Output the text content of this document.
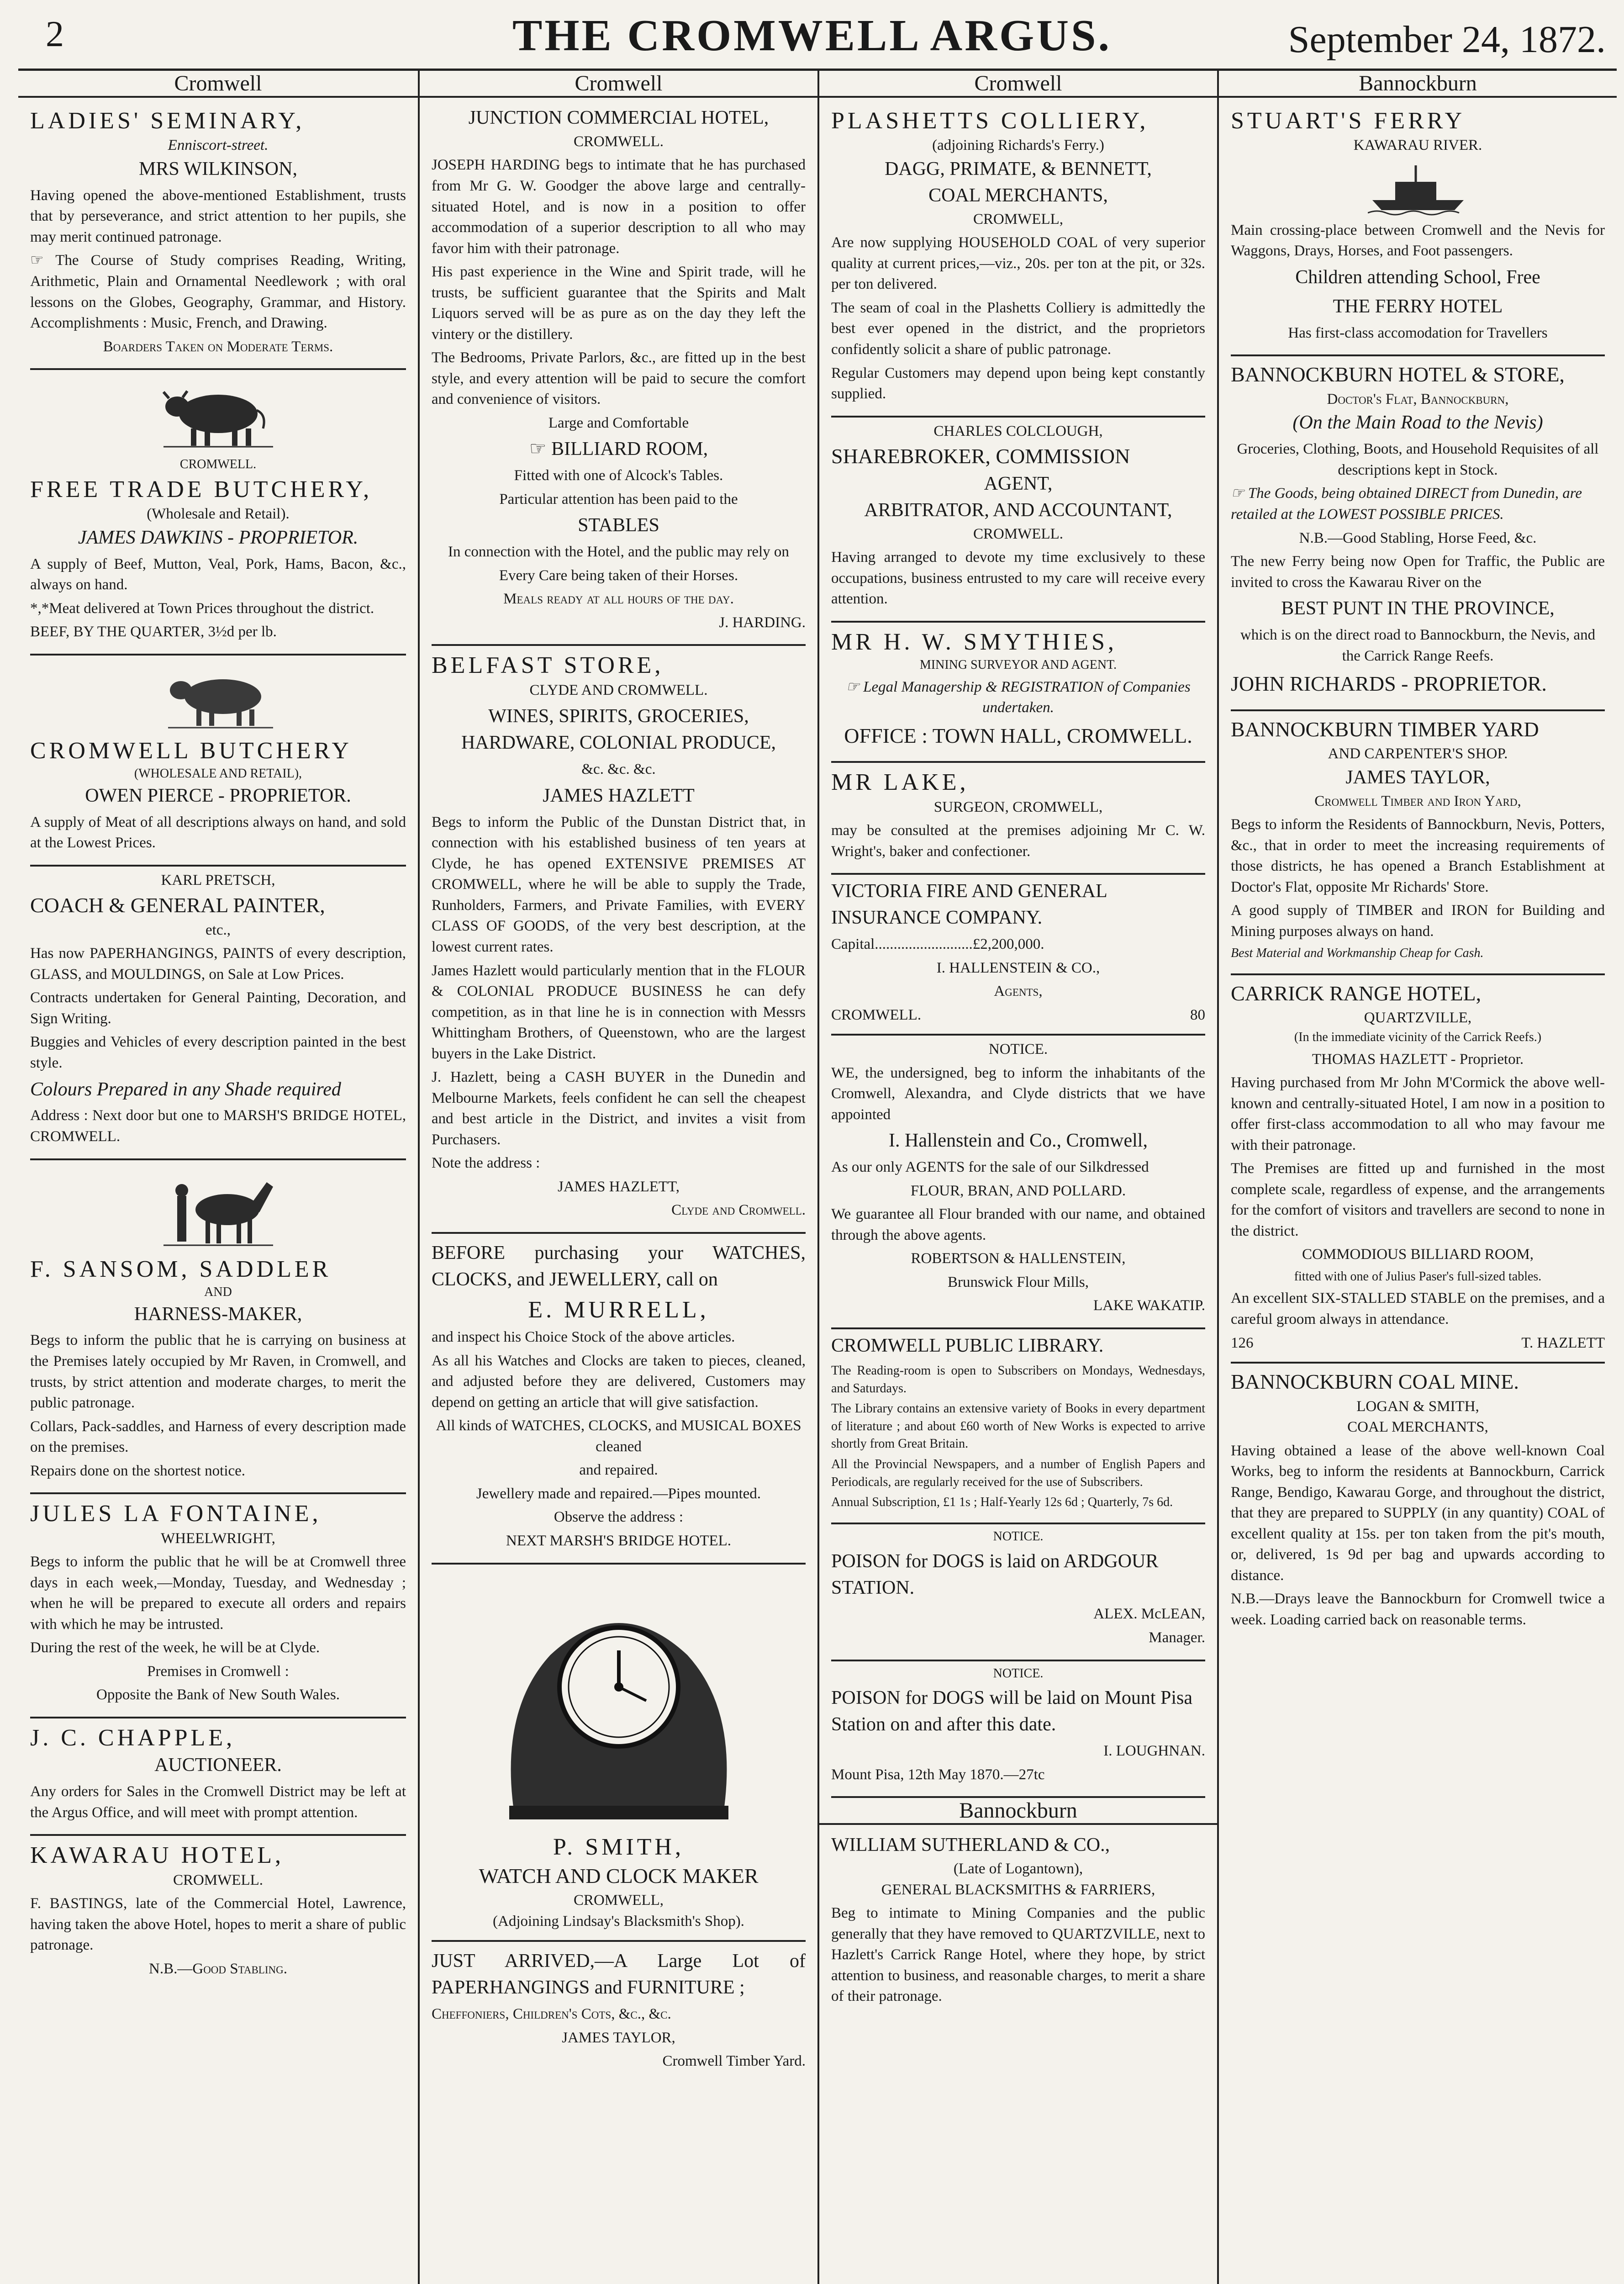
2	THE CROMWELL ARGUS.	September 24, 1872.
Cromwell
LADIES' SEMINARY,
Enniscort-street.
MRS WILKINSON,

Having opened the above-mentioned Establishment, trusts that by perseverance, and strict attention to her pupils, she may merit continued patronage.

☞ The Course of Study comprises Reading, Writing, Arithmetic, Plain and Ornamental Needlework ; with oral lessons on the Globes, Geography, Grammar, and History. Accomplishments : Music, French, and Drawing.

Boarders Taken on Moderate Terms.

CROMWELL.
FREE TRADE BUTCHERY,
(Wholesale and Retail).
JAMES DAWKINS - PROPRIETOR.

A supply of Beef, Mutton, Veal, Pork, Hams, Bacon, &c., always on hand.

*,*Meat delivered at Town Prices throughout the district.

BEEF, BY THE QUARTER, 3½d per lb.

CROMWELL BUTCHERY
(WHOLESALE AND RETAIL),
OWEN PIERCE - PROPRIETOR.

A supply of Meat of all descriptions always on hand, and sold at the Lowest Prices.

KARL PRETSCH,
COACH & GENERAL PAINTER,
etc.,

Has now PAPERHANGINGS, PAINTS of every description, GLASS, and MOULDINGS, on Sale at Low Prices.

Contracts undertaken for General Painting, Decoration, and Sign Writing.

Buggies and Vehicles of every description painted in the best style.

Colours Prepared in any Shade required

Address : Next door but one to MARSH'S BRIDGE HOTEL, CROMWELL.

F. SANSOM, SADDLER
AND
HARNESS-MAKER,

Begs to inform the public that he is carrying on business at the Premises lately occupied by Mr Raven, in Cromwell, and trusts, by strict attention and moderate charges, to merit the public patronage.

Collars, Pack-saddles, and Harness of every description made on the premises.

Repairs done on the shortest notice.

JULES LA FONTAINE,
WHEELWRIGHT,

Begs to inform the public that he will be at Cromwell three days in each week,—Monday, Tuesday, and Wednesday ; when he will be prepared to execute all orders and repairs with which he may be intrusted.

During the rest of the week, he will be at Clyde.

Premises in Cromwell :

Opposite the Bank of New South Wales.

J. C. CHAPPLE,
AUCTIONEER.

Any orders for Sales in the Cromwell District may be left at the Argus Office, and will meet with prompt attention.

KAWARAU HOTEL,
CROMWELL.

F. BASTINGS, late of the Commercial Hotel, Lawrence, having taken the above Hotel, hopes to merit a share of public patronage.

N.B.—Good Stabling.

Cromwell
JUNCTION COMMERCIAL HOTEL,
CROMWELL.

JOSEPH HARDING begs to intimate that he has purchased from Mr G. W. Goodger the above large and centrally-situated Hotel, and is now in a position to offer accommodation of a superior description to all who may favor him with their patronage.

His past experience in the Wine and Spirit trade, will he trusts, be sufficient guarantee that the Spirits and Malt Liquors served will be as pure as on the day they left the vintery or the distillery.

The Bedrooms, Private Parlors, &c., are fitted up in the best style, and every attention will be paid to secure the comfort and convenience of visitors.

Large and Comfortable

☞ BILLIARD ROOM,

Fitted with one of Alcock's Tables.

Particular attention has been paid to the

STABLES

In connection with the Hotel, and the public may rely on

Every Care being taken of their Horses.

Meals ready at all hours of the day.

J. HARDING.

BELFAST STORE,
CLYDE AND CROMWELL.

WINES, SPIRITS, GROCERIES, HARDWARE, COLONIAL PRODUCE,

&c. &c. &c.

JAMES HAZLETT

Begs to inform the Public of the Dunstan District that, in connection with his established business of ten years at Clyde, he has opened EXTENSIVE PREMISES AT CROMWELL, where he will be able to supply the Trade, Runholders, Farmers, and Private Families, with EVERY CLASS OF GOODS, of the very best description, at the lowest current rates.

James Hazlett would particularly mention that in the FLOUR & COLONIAL PRODUCE BUSINESS he can defy competition, as in that line he is in connection with Messrs Whittingham Brothers, of Queenstown, who are the largest buyers in the Lake District.

J. Hazlett, being a CASH BUYER in the Dunedin and Melbourne Markets, feels confident he can sell the cheapest and best article in the District, and invites a visit from Purchasers.

Note the address :

JAMES HAZLETT,

Clyde and Cromwell.

BEFORE purchasing your WATCHES, CLOCKS, and JEWELLERY, call on

E. MURRELL,

and inspect his Choice Stock of the above articles.

As all his Watches and Clocks are taken to pieces, cleaned, and adjusted before they are delivered, Customers may depend on getting an article that will give satisfaction.

All kinds of WATCHES, CLOCKS, and MUSICAL BOXES cleaned

and repaired.

Jewellery made and repaired.—Pipes mounted.

Observe the address :

NEXT MARSH'S BRIDGE HOTEL.

P. SMITH,
WATCH AND CLOCK MAKER
CROMWELL,
(Adjoining Lindsay's Blacksmith's Shop).

JUST ARRIVED,—A Large Lot of PAPERHANGINGS and FURNITURE ;

Cheffoniers, Children's Cots, &c., &c.

JAMES TAYLOR,

Cromwell Timber Yard.

Cromwell
PLASHETTS COLLIERY,
(adjoining Richards's Ferry.)
DAGG, PRIMATE, & BENNETT,
COAL MERCHANTS,
CROMWELL,

Are now supplying HOUSEHOLD COAL of very superior quality at current prices,—viz., 20s. per ton at the pit, or 32s. per ton delivered.

The seam of coal in the Plashetts Colliery is admittedly the best ever opened in the district, and the proprietors confidently solicit a share of public patronage.

Regular Customers may depend upon being kept constantly supplied.

CHARLES COLCLOUGH,
SHAREBROKER, COMMISSION
AGENT,
ARBITRATOR, AND ACCOUNTANT,
CROMWELL.

Having arranged to devote my time exclusively to these occupations, business entrusted to my care will receive every attention.

MR H. W. SMYTHIES,
MINING SURVEYOR AND AGENT.

☞ Legal Managership & REGISTRATION of Companies undertaken.

OFFICE : TOWN HALL, CROMWELL.

MR LAKE,
SURGEON, CROMWELL,

may be consulted at the premises adjoining Mr C. W. Wright's, baker and confectioner.

VICTORIA FIRE AND GENERAL INSURANCE COMPANY.

Capital..........................£2,200,000.

I. HALLENSTEIN & CO.,

Agents,

CROMWELL.	80
NOTICE.

WE, the undersigned, beg to inform the inhabitants of the Cromwell, Alexandra, and Clyde districts that we have appointed

I. Hallenstein and Co., Cromwell,

As our only AGENTS for the sale of our Silkdressed

FLOUR, BRAN, AND POLLARD.

We guarantee all Flour branded with our name, and obtained through the above agents.

ROBERTSON & HALLENSTEIN,

Brunswick Flour Mills,

LAKE WAKATIP.

CROMWELL PUBLIC LIBRARY.

The Reading-room is open to Subscribers on Mondays, Wednesdays, and Saturdays.

The Library contains an extensive variety of Books in every department of literature ; and about £60 worth of New Works is expected to arrive shortly from Great Britain.

All the Provincial Newspapers, and a number of English Papers and Periodicals, are regularly received for the use of Subscribers.

Annual Subscription, £1 1s ; Half-Yearly 12s 6d ; Quarterly, 7s 6d.

NOTICE.

POISON for DOGS is laid on ARDGOUR STATION.

ALEX. McLEAN,

Manager.

NOTICE.

POISON for DOGS will be laid on Mount Pisa Station on and after this date.

I. LOUGHNAN.

Mount Pisa, 12th May 1870.—27tc

Bannockburn
WILLIAM SUTHERLAND & CO.,
(Late of Logantown),
GENERAL BLACKSMITHS & FARRIERS,

Beg to intimate to Mining Companies and the public generally that they have removed to QUARTZVILLE, next to Hazlett's Carrick Range Hotel, where they hope, by strict attention to business, and reasonable charges, to merit a share of their patronage.

Bannockburn
STUART'S FERRY
KAWARAU RIVER.

Main crossing-place between Cromwell and the Nevis for Waggons, Drays, Horses, and Foot passengers.

Children attending School, Free

THE FERRY HOTEL

Has first-class accomodation for Travellers

BANNOCKBURN HOTEL & STORE,
Doctor's Flat, Bannockburn,
(On the Main Road to the Nevis)

Groceries, Clothing, Boots, and Household Requisites of all descriptions kept in Stock.

☞ The Goods, being obtained DIRECT from Dunedin, are retailed at the LOWEST POSSIBLE PRICES.

N.B.—Good Stabling, Horse Feed, &c.

The new Ferry being now Open for Traffic, the Public are invited to cross the Kawarau River on the

BEST PUNT IN THE PROVINCE,

which is on the direct road to Bannockburn, the Nevis, and the Carrick Range Reefs.

JOHN RICHARDS - PROPRIETOR.

BANNOCKBURN TIMBER YARD
AND CARPENTER'S SHOP.
JAMES TAYLOR,
Cromwell Timber and Iron Yard,

Begs to inform the Residents of Bannockburn, Nevis, Potters, &c., that in order to meet the increasing requirements of those districts, he has opened a Branch Establishment at Doctor's Flat, opposite Mr Richards' Store.

A good supply of TIMBER and IRON for Building and Mining purposes always on hand.

Best Material and Workmanship Cheap for Cash.

CARRICK RANGE HOTEL,
QUARTZVILLE,
(In the immediate vicinity of the Carrick Reefs.)

THOMAS HAZLETT - Proprietor.

Having purchased from Mr John M'Cormick the above well-known and centrally-situated Hotel, I am now in a position to offer first-class accommodation to all who may favour me with their patronage.

The Premises are fitted up and furnished in the most complete scale, regardless of expense, and the arrangements for the comfort of visitors and travellers are second to none in the district.

COMMODIOUS BILLIARD ROOM,

fitted with one of Julius Paser's full-sized tables.

An excellent SIX-STALLED STABLE on the premises, and a careful groom always in attendance.

126	T. HAZLETT
BANNOCKBURN COAL MINE.
LOGAN & SMITH,
COAL MERCHANTS,

Having obtained a lease of the above well-known Coal Works, beg to inform the residents at Bannockburn, Carrick Range, Bendigo, Kawarau Gorge, and throughout the district, that they are prepared to SUPPLY (in any quantity) COAL of excellent quality at 15s. per ton taken from the pit's mouth, or, delivered, 1s 9d per bag and upwards according to distance.

N.B.—Drays leave the Bannockburn for Cromwell twice a week. Loading carried back on reasonable terms.
